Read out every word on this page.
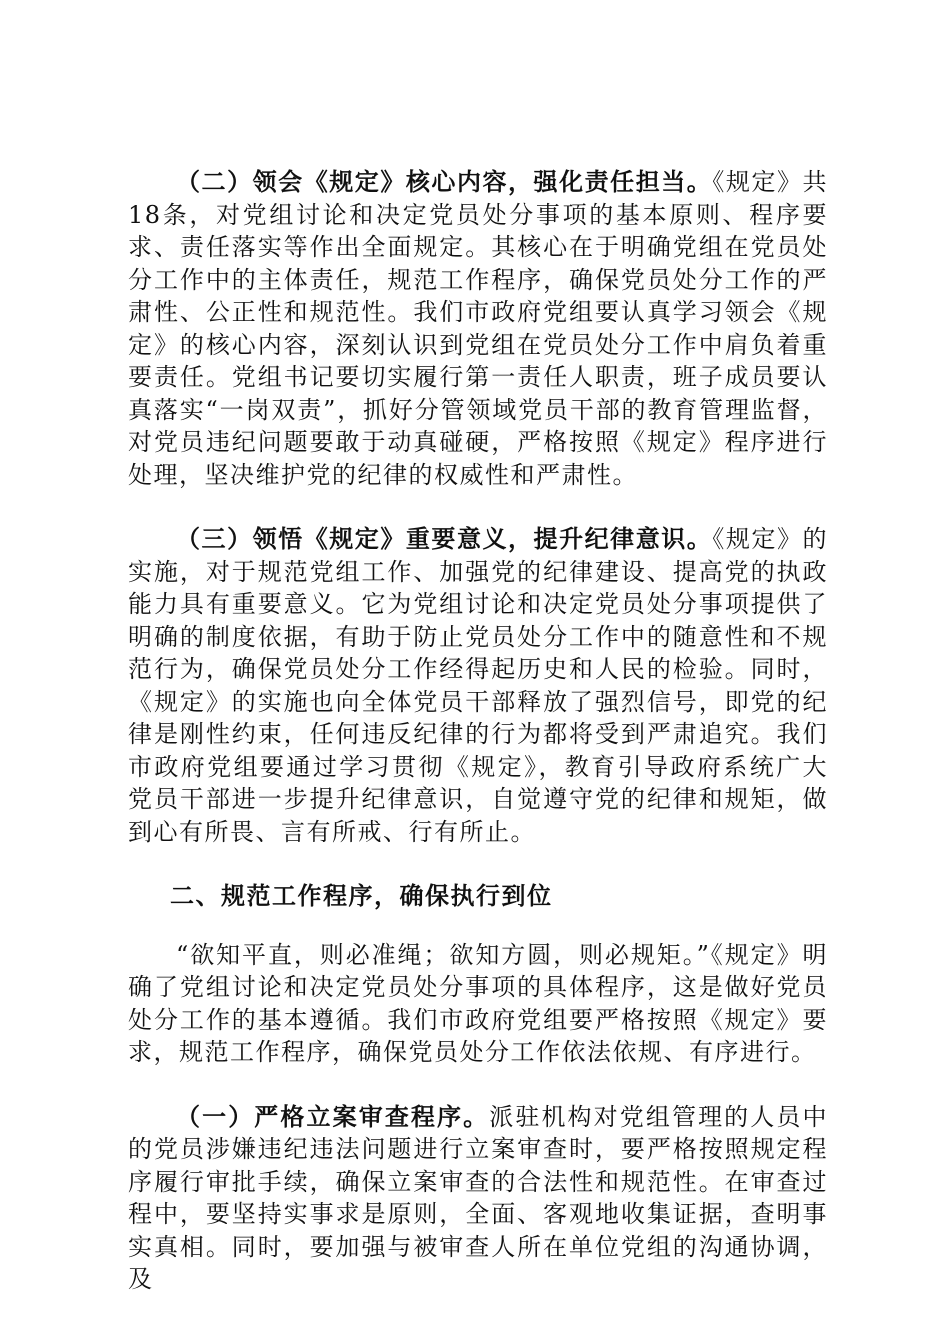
（二）领会《规定》核心内容，强化责任担当。《规定》共18条，对党组讨论和决定党员处分事项的基本原则、程序要求、责任落实等作出全面规定。其核心在于明确党组在党员处分工作中的主体责任，规范工作程序，确保党员处分工作的严肃性、公正性和规范性。我们市政府党组要认真学习领会《规定》的核心内容，深刻认识到党组在党员处分工作中肩负着重要责任。党组书记要切实履行第一责任人职责，班子成员要认真落实“一岗双责”，抓好分管领域党员干部的教育管理监督，对党员违纪问题要敢于动真碰硬，严格按照《规定》程序进行处理，坚决维护党的纪律的权威性和严肃性。

（三）领悟《规定》重要意义，提升纪律意识。《规定》的实施，对于规范党组工作、加强党的纪律建设、提高党的执政能力具有重要意义。它为党组讨论和决定党员处分事项提供了明确的制度依据，有助于防止党员处分工作中的随意性和不规范行为，确保党员处分工作经得起历史和人民的检验。同时，《规定》的实施也向全体党员干部释放了强烈信号，即党的纪律是刚性约束，任何违反纪律的行为都将受到严肃追究。我们市政府党组要通过学习贯彻《规定》，教育引导政府系统广大党员干部进一步提升纪律意识，自觉遵守党的纪律和规矩，做到心有所畏、言有所戒、行有所止。

二、规范工作程序，确保执行到位

“欲知平直，则必准绳；欲知方圆，则必规矩。”《规定》明确了党组讨论和决定党员处分事项的具体程序，这是做好党员处分工作的基本遵循。我们市政府党组要严格按照《规定》要求，规范工作程序，确保党员处分工作依法依规、有序进行。

（一）严格立案审查程序。派驻机构对党组管理的人员中的党员涉嫌违纪违法问题进行立案审查时，要严格按照规定程序履行审批手续，确保立案审查的合法性和规范性。在审查过程中，要坚持实事求是原则，全面、客观地收集证据，查明事实真相。同时，要加强与被审查人所在单位党组的沟通协调，及
